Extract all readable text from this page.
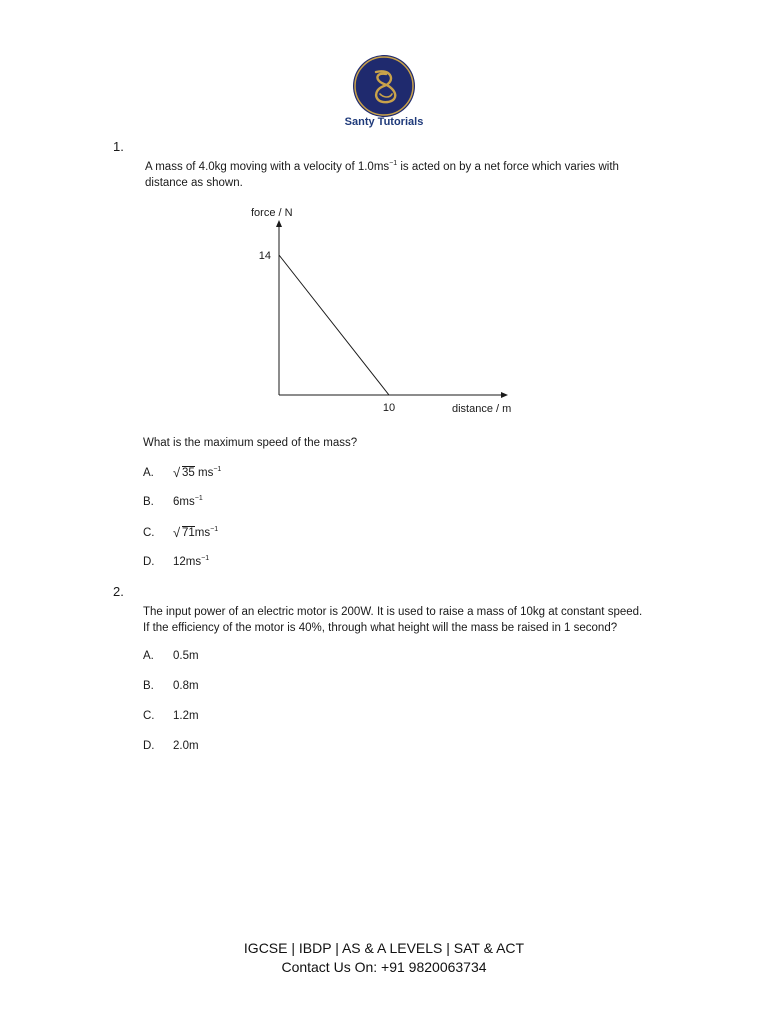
Santy Tutorials
1.
A mass of 4.0kg moving with a velocity of $1.0ms^{-1}$ is acted on by a net force which varies with
distance as shown.
14
10
force / N
distance / m
What is the maximum speed of the mass?
A. √ 35 $ms^{-1}$
B. $6ms^{-1}$
C. √ $71ms^{-1}$
D. $12ms^{-1}$
2.
The input power of an electric motor is 200W. It is used to raise a mass of 10kg at constant speed.
If the efficiency of the motor is 40%, through what height will the mass be raised in 1 second?
A. 0.5m
B. 0.8m
C. 1.2m
D. 2.0m
IGCSE | IBDP | AS & A LEVELS | SAT & ACT
Contact Us On: +91 9820063734
